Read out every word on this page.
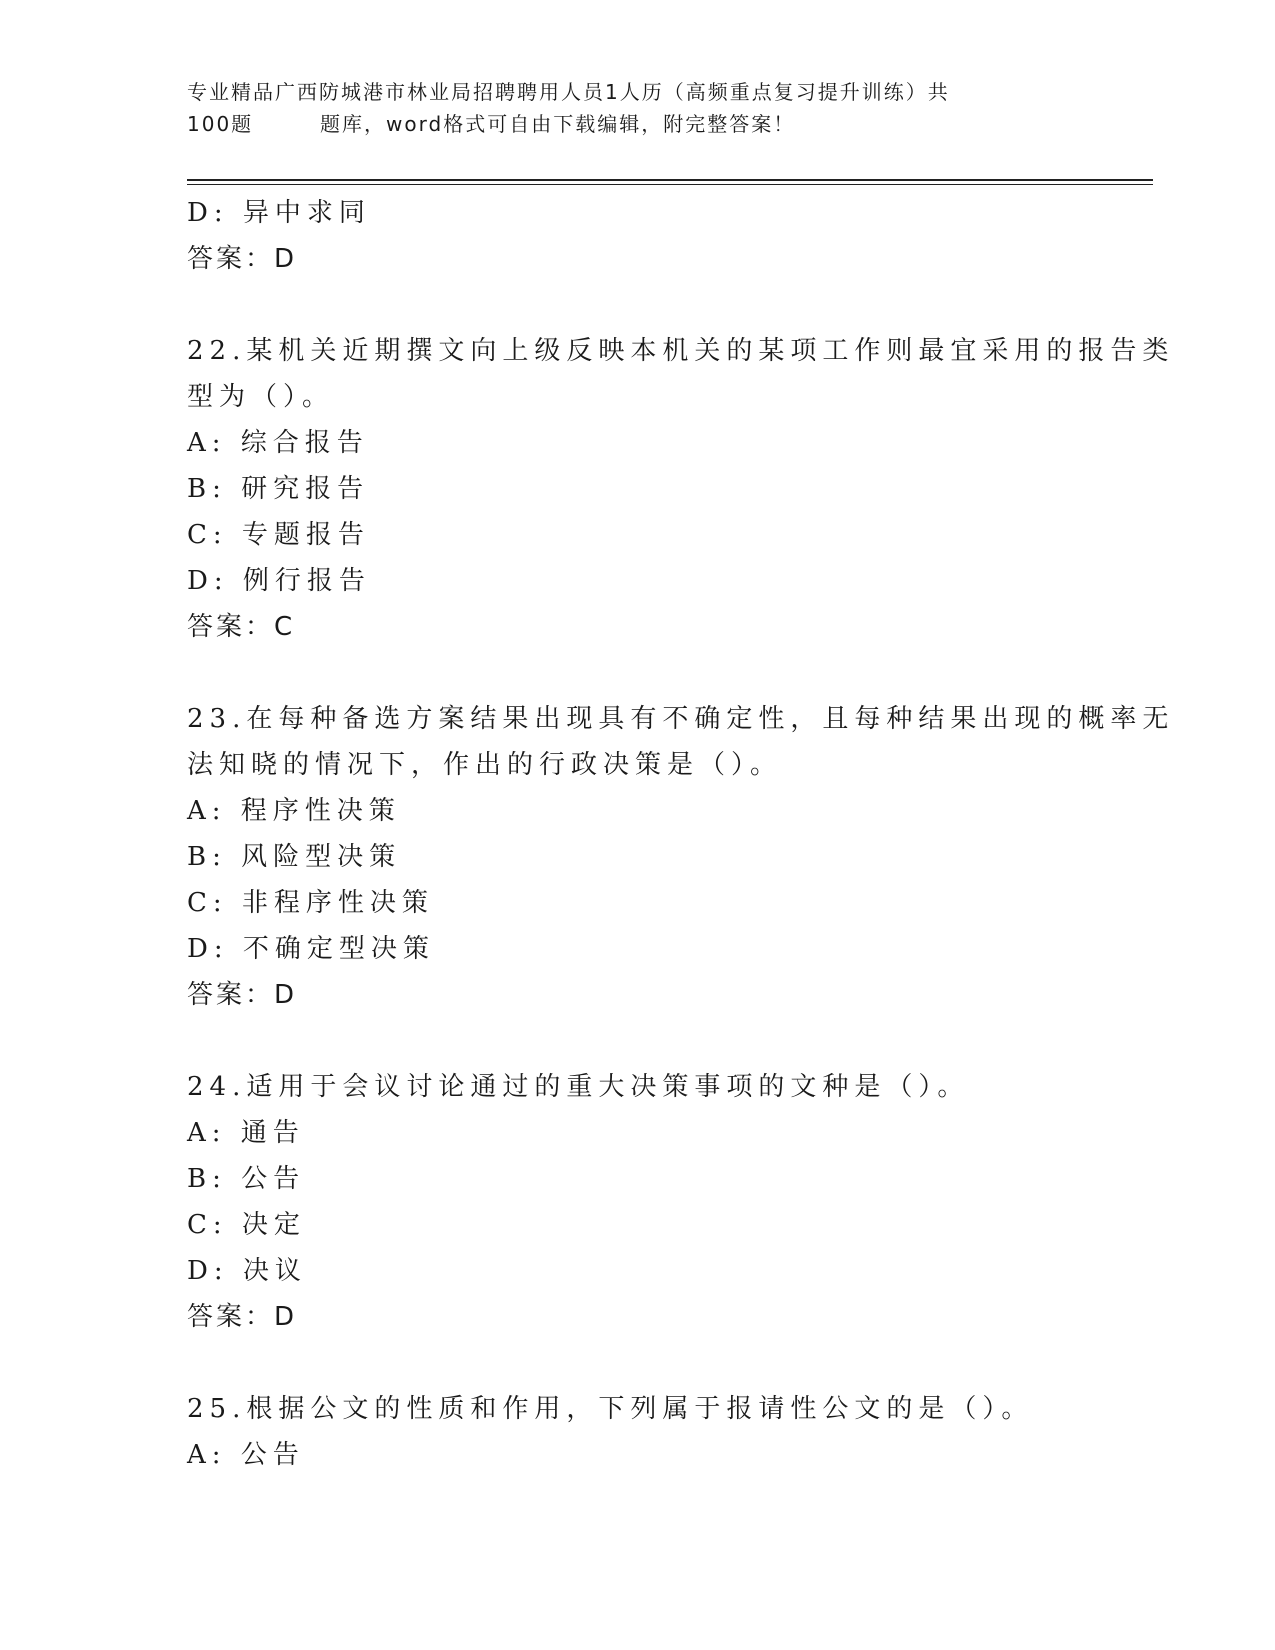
专业精品广西防城港市林业局招聘聘用人员1人历（高频重点复习提升训练）共
100题        题库，word格式可自由下载编辑，附完整答案！
D: 异中求同
答案：D
22.某机关近期撰文向上级反映本机关的某项工作则最宜采用的报告类
型为（）。
A: 综合报告
B: 研究报告
C: 专题报告
D: 例行报告
答案：C
23.在每种备选方案结果出现具有不确定性，且每种结果出现的概率无
法知晓的情况下，作出的行政决策是（）。
A: 程序性决策
B: 风险型决策
C: 非程序性决策
D: 不确定型决策
答案：D
24.适用于会议讨论通过的重大决策事项的文种是（）。
A: 通告
B: 公告
C: 决定
D: 决议
答案：D
25.根据公文的性质和作用，下列属于报请性公文的是（）。
A: 公告
